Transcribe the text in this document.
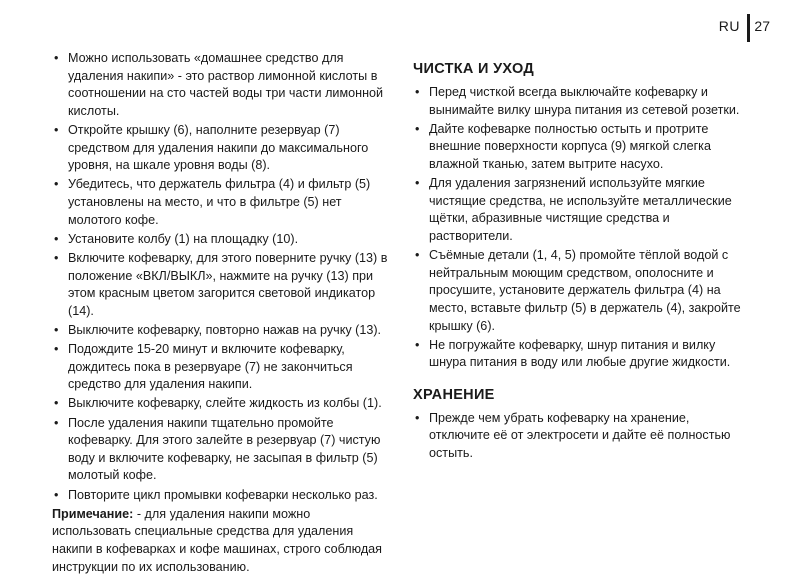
RU 27
• Можно использовать «домашнее средство для удаления накипи» - это раствор лимонной кислоты в соотношении на сто частей воды три части лимонной кислоты.
• Откройте крышку (6), наполните резервуар (7) средством для удаления накипи до максимального уровня, на шкале уровня воды (8).
• Убедитесь, что держатель фильтра (4) и фильтр (5) установлены на место, и что в фильтре (5) нет молотого кофе.
• Установите колбу (1) на площадку (10).
• Включите кофеварку, для этого поверните ручку (13) в положение «ВКЛ/ВЫКЛ», нажмите на ручку (13) при этом красным цветом загорится световой индикатор (14).
• Выключите кофеварку, повторно нажав на ручку (13).
• Подождите 15-20 минут и включите кофеварку, дождитесь пока в резервуаре (7) не закончиться средство для удаления накипи.
• Выключите кофеварку, слейте жидкость из колбы (1).
• После удаления накипи тщательно промойте кофеварку. Для этого залейте в резервуар (7) чистую воду и включите кофеварку, не засыпая в фильтр (5) молотый кофе.
• Повторите цикл промывки кофеварки несколько раз.

Примечание: - для удаления накипи можно использовать специальные средства для удаления накипи в кофеварках и кофе машинах, строго соблюдая инструкции по их использованию.

ЧИСТКА И УХОД
• Перед чисткой всегда выключайте кофеварку и вынимайте вилку шнура питания из сетевой розетки.
• Дайте кофеварке полностью остыть и протрите внешние поверхности корпуса (9) мягкой слегка влажной тканью, затем вытрите насухо.
• Для удаления загрязнений используйте мягкие чистящие средства, не используйте металлические щётки, абразивные чистящие средства и растворители.
• Съёмные детали (1, 4, 5) промойте тёплой водой с нейтральным моющим средством, ополосните и просушите, установите держатель фильтра (4) на место, вставьте фильтр (5) в держатель (4), закройте крышку (6).
• Не погружайте кофеварку, шнур питания и вилку шнура питания в воду или любые другие жидкости.
ХРАНЕНИЕ
• Прежде чем убрать кофеварку на хранение, отключите её от электросети и дайте её полностью остыть.
